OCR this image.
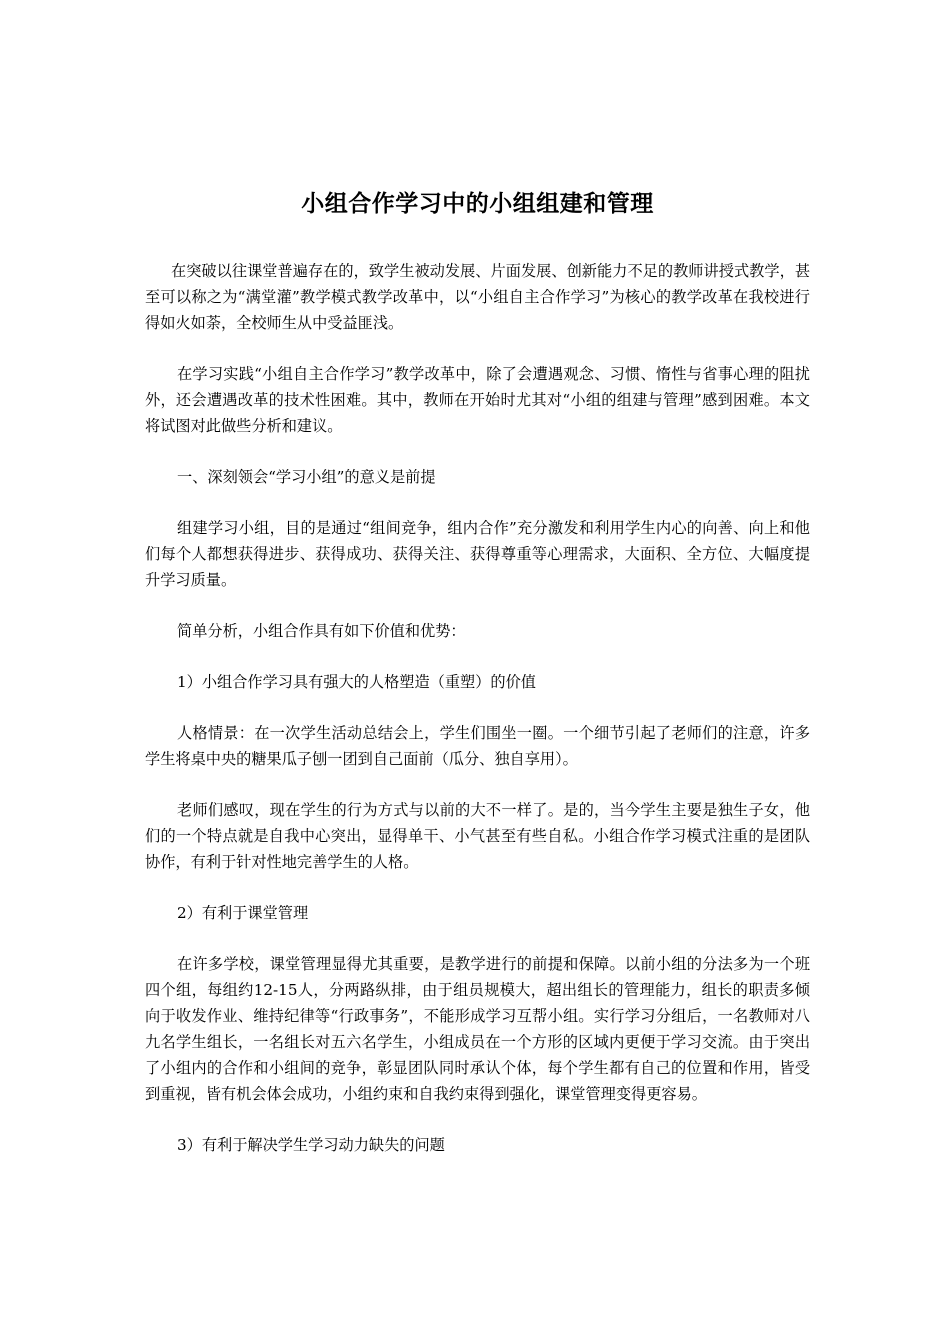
小组合作学习中的小组组建和管理

在突破以往课堂普遍存在的，致学生被动发展、片面发展、创新能力不足的教师讲授式教学，甚至可以称之为“满堂灌”教学模式教学改革中，以“小组自主合作学习”为核心的教学改革在我校进行得如火如荼，全校师生从中受益匪浅。

在学习实践“小组自主合作学习”教学改革中，除了会遭遇观念、习惯、惰性与省事心理的阻扰外，还会遭遇改革的技术性困难。其中，教师在开始时尤其对“小组的组建与管理”感到困难。本文将试图对此做些分析和建议。

一、深刻领会“学习小组”的意义是前提

组建学习小组，目的是通过“组间竞争，组内合作”充分激发和利用学生内心的向善、向上和他们每个人都想获得进步、获得成功、获得关注、获得尊重等心理需求，大面积、全方位、大幅度提升学习质量。

简单分析，小组合作具有如下价值和优势：

1）小组合作学习具有强大的人格塑造（重塑）的价值

人格情景：在一次学生活动总结会上，学生们围坐一圈。一个细节引起了老师们的注意，许多学生将桌中央的糖果瓜子刨一团到自己面前（瓜分、独自享用）。

老师们感叹，现在学生的行为方式与以前的大不一样了。是的，当今学生主要是独生子女，他们的一个特点就是自我中心突出，显得单干、小气甚至有些自私。小组合作学习模式注重的是团队协作，有利于针对性地完善学生的人格。

2）有利于课堂管理

在许多学校，课堂管理显得尤其重要，是教学进行的前提和保障。以前小组的分法多为一个班四个组，每组约12-15人，分两路纵排，由于组员规模大，超出组长的管理能力，组长的职责多倾向于收发作业、维持纪律等“行政事务”，不能形成学习互帮小组。实行学习分组后，一名教师对八九名学生组长，一名组长对五六名学生，小组成员在一个方形的区域内更便于学习交流。由于突出了小组内的合作和小组间的竞争，彰显团队同时承认个体，每个学生都有自己的位置和作用，皆受到重视，皆有机会体会成功，小组约束和自我约束得到强化，课堂管理变得更容易。

3）有利于解决学生学习动力缺失的问题
